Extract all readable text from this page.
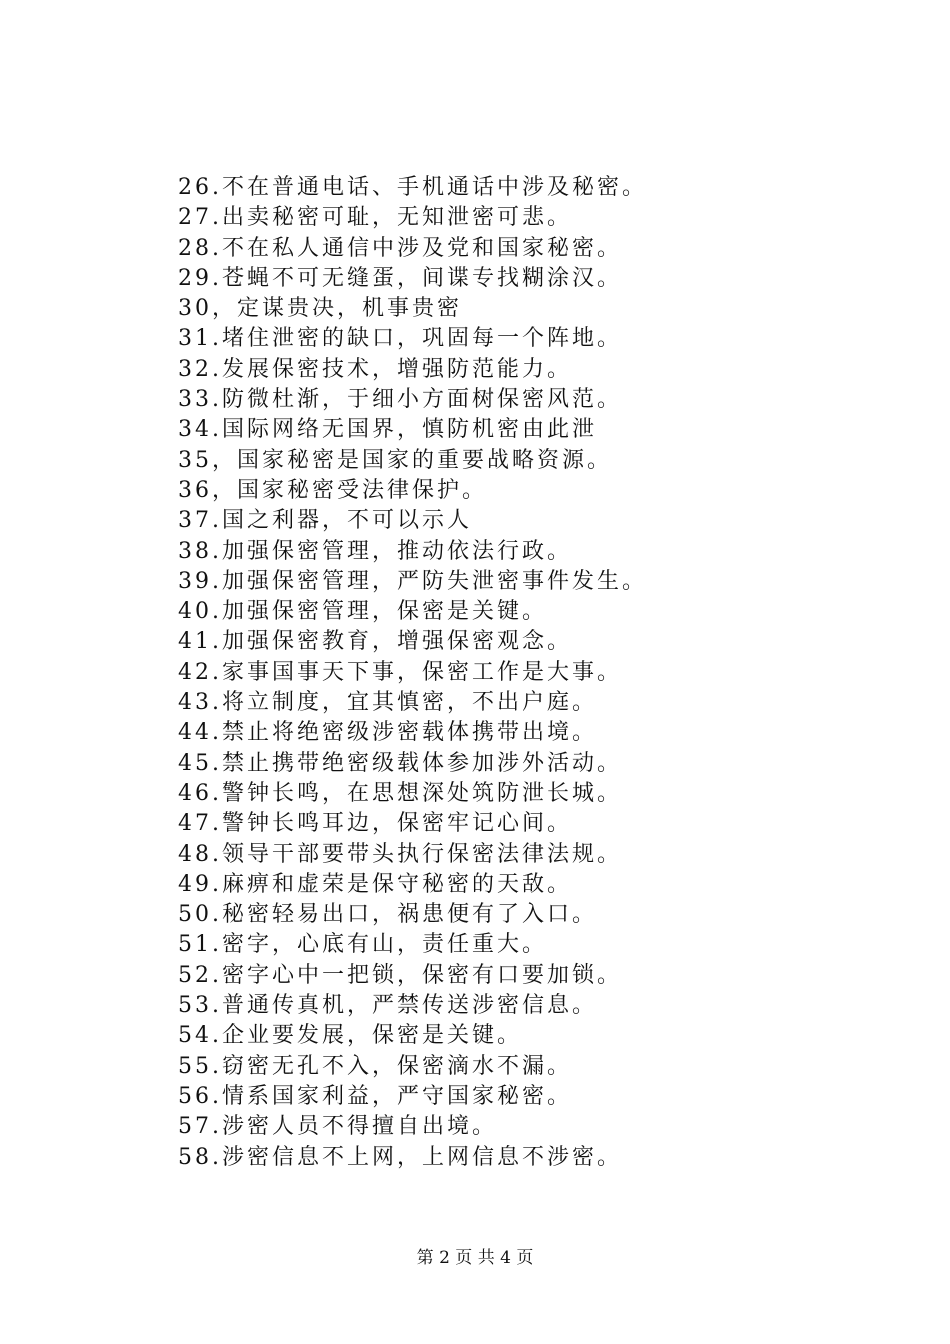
26.不在普通电话、手机通话中涉及秘密。
27.出卖秘密可耻，无知泄密可悲。
28.不在私人通信中涉及党和国家秘密。
29.苍蝇不可无缝蛋，间谍专找糊涂汉。
30，定谋贵决，机事贵密
31.堵住泄密的缺口，巩固每一个阵地。
32.发展保密技术，增强防范能力。
33.防微杜渐，于细小方面树保密风范。
34.国际网络无国界，慎防机密由此泄
35，国家秘密是国家的重要战略资源。
36，国家秘密受法律保护。
37.国之利器，不可以示人
38.加强保密管理，推动依法行政。
39.加强保密管理，严防失泄密事件发生。
40.加强保密管理，保密是关键。
41.加强保密教育，增强保密观念。
42.家事国事天下事，保密工作是大事。
43.将立制度，宜其慎密，不出户庭。
44.禁止将绝密级涉密载体携带出境。
45.禁止携带绝密级载体参加涉外活动。
46.警钟长鸣，在思想深处筑防泄长城。
47.警钟长鸣耳边，保密牢记心间。
48.领导干部要带头执行保密法律法规。
49.麻痹和虚荣是保守秘密的天敌。
50.秘密轻易出口，祸患便有了入口。
51.密字，心底有山，责任重大。
52.密字心中一把锁，保密有口要加锁。
53.普通传真机，严禁传送涉密信息。
54.企业要发展，保密是关键。
55.窃密无孔不入，保密滴水不漏。
56.情系国家利益，严守国家秘密。
57.涉密人员不得擅自出境。
58.涉密信息不上网，上网信息不涉密。
第 2 页 共 4 页
